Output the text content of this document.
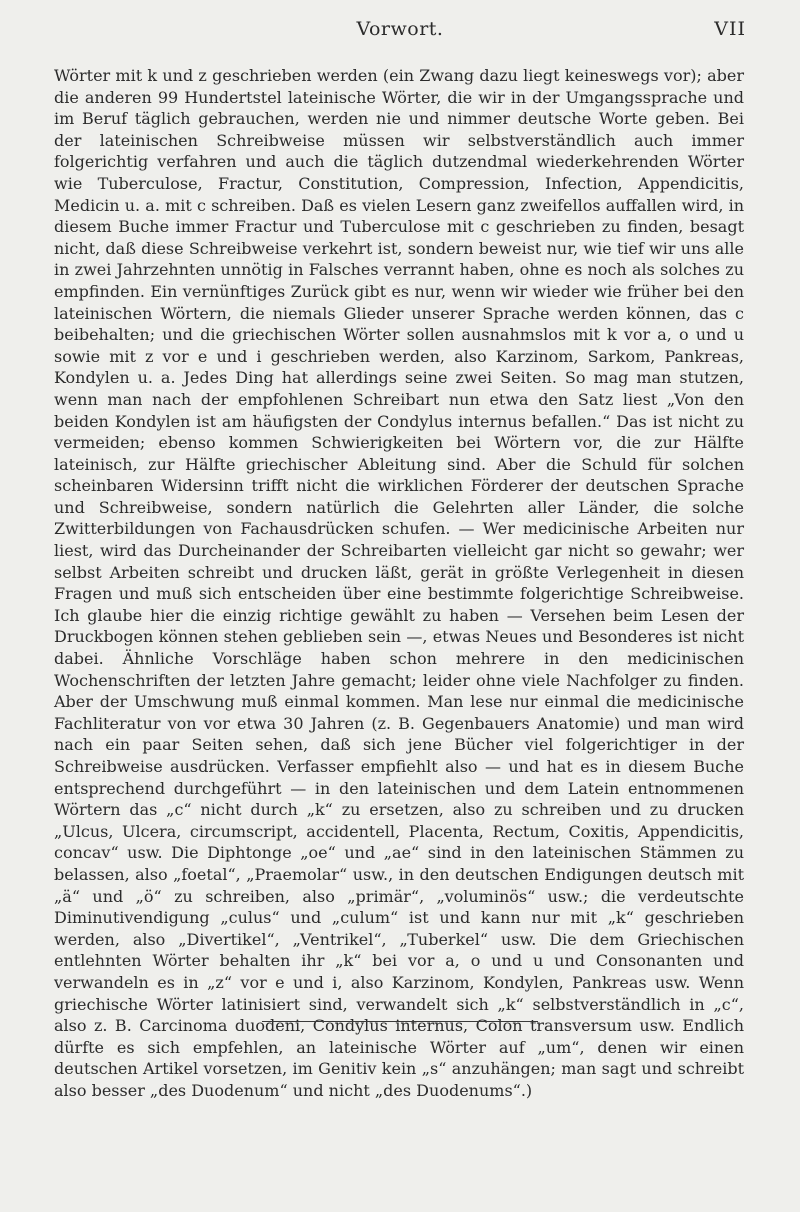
Vorwort.	VII

Wörter mit k und z geschrieben werden (ein Zwang dazu liegt keineswegs vor); aber die anderen 99 Hundertstel lateinische Wörter, die wir in der Umgangssprache und im Beruf täglich gebrauchen, werden nie und nimmer deutsche Worte geben. Bei der lateinischen Schreibweise müssen wir selbstverständlich auch immer folgerichtig verfahren und auch die täglich dutzendmal wiederkehrenden Wörter wie Tuberculose, Fractur, Constitution, Compression, Infection, Appendicitis, Medicin u. a. mit c schreiben. Daß es vielen Lesern ganz zweifellos auffallen wird, in diesem Buche immer Fractur und Tuberculose mit c geschrieben zu finden, besagt nicht, daß diese Schreibweise verkehrt ist, sondern beweist nur, wie tief wir uns alle in zwei Jahrzehnten unnötig in Falsches verrannt haben, ohne es noch als solches zu empfinden. Ein vernünftiges Zurück gibt es nur, wenn wir wieder wie früher bei den lateinischen Wörtern, die niemals Glieder unserer Sprache werden können, das c beibehalten; und die griechischen Wörter sollen ausnahmslos mit k vor a, o und u sowie mit z vor e und i geschrieben werden, also Karzinom, Sarkom, Pankreas, Kondylen u. a. Jedes Ding hat allerdings seine zwei Seiten. So mag man stutzen, wenn man nach der empfohlenen Schreibart nun etwa den Satz liest „Von den beiden Kondylen ist am häufigsten der Condylus internus befallen.“ Das ist nicht zu vermeiden; ebenso kommen Schwierigkeiten bei Wörtern vor, die zur Hälfte lateinisch, zur Hälfte griechischer Ableitung sind. Aber die Schuld für solchen scheinbaren Widersinn trifft nicht die wirklichen Förderer der deutschen Sprache und Schreibweise, sondern natürlich die Gelehrten aller Länder, die solche Zwitterbildungen von Fachausdrücken schufen. — Wer medicinische Arbeiten nur liest, wird das Durcheinander der Schreibarten vielleicht gar nicht so gewahr; wer selbst Arbeiten schreibt und drucken läßt, gerät in größte Verlegenheit in diesen Fragen und muß sich entscheiden über eine bestimmte folgerichtige Schreibweise. Ich glaube hier die einzig richtige gewählt zu haben — Versehen beim Lesen der Druckbogen können stehen geblieben sein —, etwas Neues und Besonderes ist nicht dabei. Ähnliche Vorschläge haben schon mehrere in den medicinischen Wochenschriften der letzten Jahre gemacht; leider ohne viele Nachfolger zu finden. Aber der Umschwung muß einmal kommen. Man lese nur einmal die medicinische Fachliteratur von vor etwa 30 Jahren (z. B. Gegenbauers Anatomie) und man wird nach ein paar Seiten sehen, daß sich jene Bücher viel folgerichtiger in der Schreibweise ausdrücken. Verfasser empfiehlt also — und hat es in diesem Buche entsprechend durchgeführt — in den lateinischen und dem Latein entnommenen Wörtern das „c“ nicht durch „k“ zu ersetzen, also zu schreiben und zu drucken „Ulcus, Ulcera, circumscript, accidentell, Placenta, Rectum, Coxitis, Appendicitis, concav“ usw. Die Diphtonge „oe“ und „ae“ sind in den lateinischen Stämmen zu belassen, also „foetal“, „Praemolar“ usw., in den deutschen Endigungen deutsch mit „ä“ und „ö“ zu schreiben, also „primär“, „voluminös“ usw.; die verdeutschte Diminutivendigung „culus“ und „culum“ ist und kann nur mit „k“ geschrieben werden, also „Divertikel“, „Ventrikel“, „Tuberkel“ usw. Die dem Griechischen entlehnten Wörter behalten ihr „k“ bei vor a, o und u und Consonanten und verwandeln es in „z“ vor e und i, also Karzinom, Kondylen, Pankreas usw. Wenn griechische Wörter latinisiert sind, verwandelt sich „k“ selbstverständlich in „c“, also z. B. Carcinoma duodeni, Condylus internus, Colon transversum usw. Endlich dürfte es sich empfehlen, an lateinische Wörter auf „um“, denen wir einen deutschen Artikel vorsetzen, im Genitiv kein „s“ anzuhängen; man sagt und schreibt also besser „des Duodenum“ und nicht „des Duodenums“.)
